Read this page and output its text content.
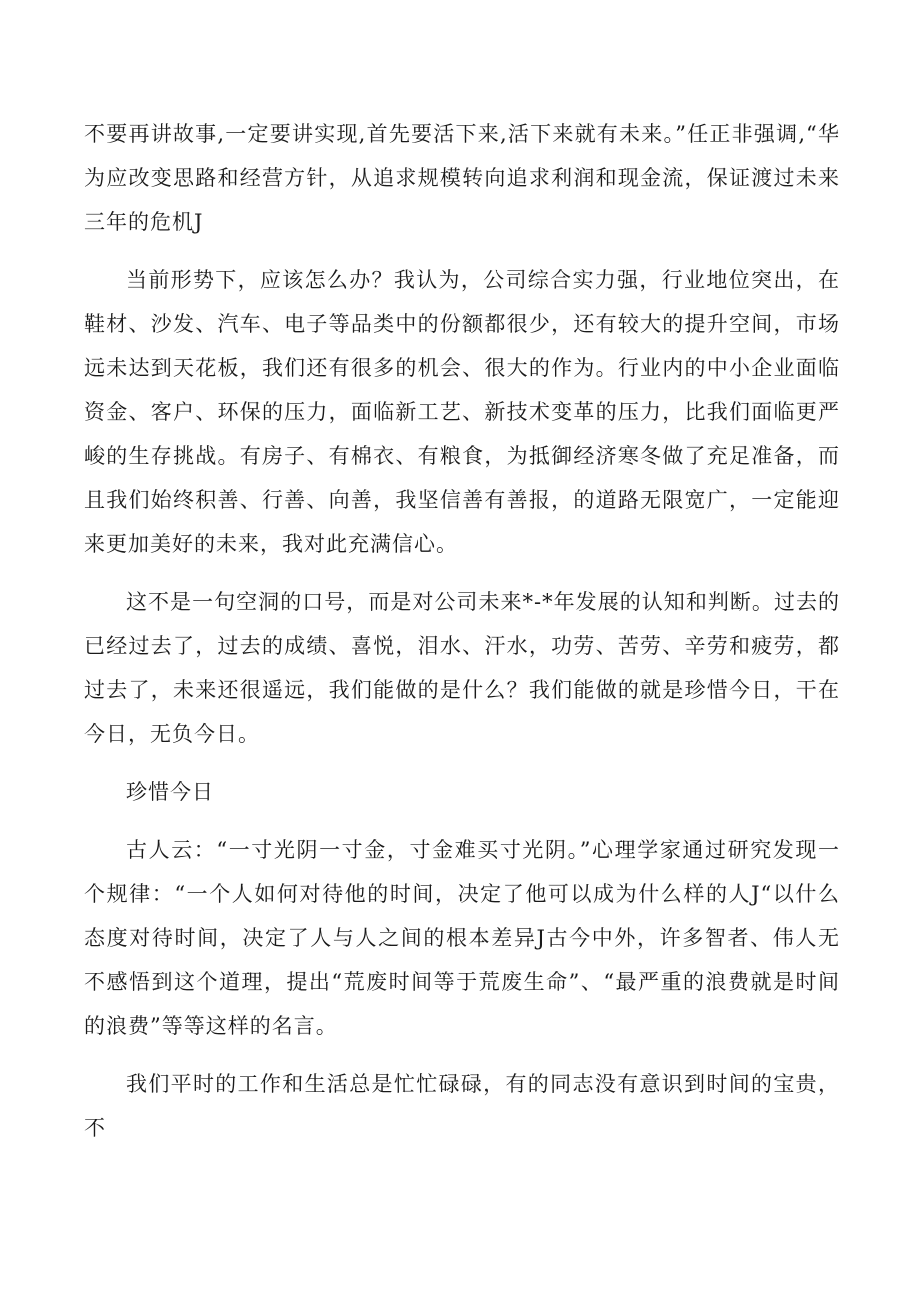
不要再讲故事,一定要讲实现,首先要活下来,活下来就有未来。”任正非强调,“华为应改变思路和经营方针，从追求规模转向追求利润和现金流，保证渡过未来三年的危机J

当前形势下，应该怎么办？我认为，公司综合实力强，行业地位突出，在鞋材、沙发、汽车、电子等品类中的份额都很少，还有较大的提升空间，市场远未达到天花板，我们还有很多的机会、很大的作为。行业内的中小企业面临资金、客户、环保的压力，面临新工艺、新技术变革的压力，比我们面临更严峻的生存挑战。有房子、有棉衣、有粮食，为抵御经济寒冬做了充足准备，而且我们始终积善、行善、向善，我坚信善有善报，的道路无限宽广，一定能迎来更加美好的未来，我对此充满信心。

这不是一句空洞的口号，而是对公司未来*-*年发展的认知和判断。过去的已经过去了，过去的成绩、喜悦，泪水、汗水，功劳、苦劳、辛劳和疲劳，都过去了，未来还很遥远，我们能做的是什么？我们能做的就是珍惜今日，干在今日，无负今日。

珍惜今日

古人云：“一寸光阴一寸金，寸金难买寸光阴。”心理学家通过研究发现一个规律：“一个人如何对待他的时间，决定了他可以成为什么样的人J“以什么态度对待时间，决定了人与人之间的根本差异J古今中外，许多智者、伟人无不感悟到这个道理，提出“荒废时间等于荒废生命”、“最严重的浪费就是时间的浪费”等等这样的名言。

我们平时的工作和生活总是忙忙碌碌，有的同志没有意识到时间的宝贵，不
